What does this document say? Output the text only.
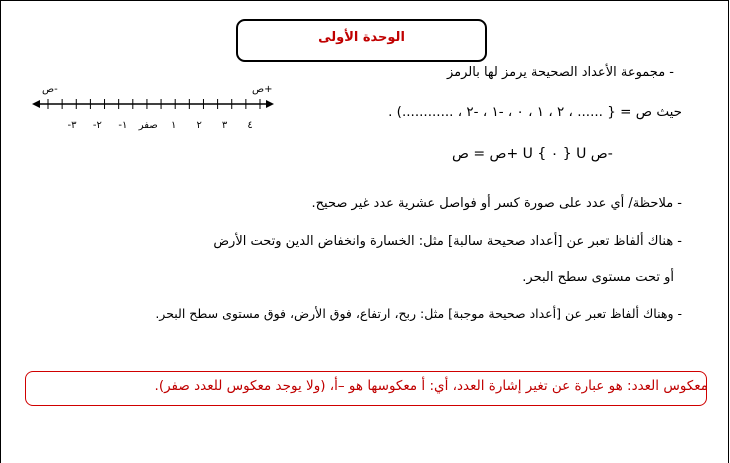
الوحدة الأولى
-٣ -٢ -١ صفر ١ ٢ ٣ ٤
ص-	ص+
- مجموعة الأعداد الصحيحة يرمز لها بالرمز
حيث ص = { ...... ، ٢ ، ١ ، ٠ ، -١ ، -٢ ، ............) .
ص = ص+ U { ٠ } U ص-
- ملاحظة/ أي عدد على صورة كسر أو فواصل عشرية عدد غير صحيح.
- هناك ألفاظ تعبر عن [أعداد صحيحة سالبة] مثل: الخسارة وانخفاض الدين وتحت الأرض
أو تحت مستوى سطح البحر.
- وهناك ألفاظ تعبر عن [أعداد صحيحة موجبة] مثل: ربح، ارتفاع، فوق الأرض، فوق مستوى سطح البحر.
معكوس العدد: هو عبارة عن تغير إشارة العدد، أي: أ معكوسها هو –أ، (ولا يوجد معكوس للعدد صفر).
